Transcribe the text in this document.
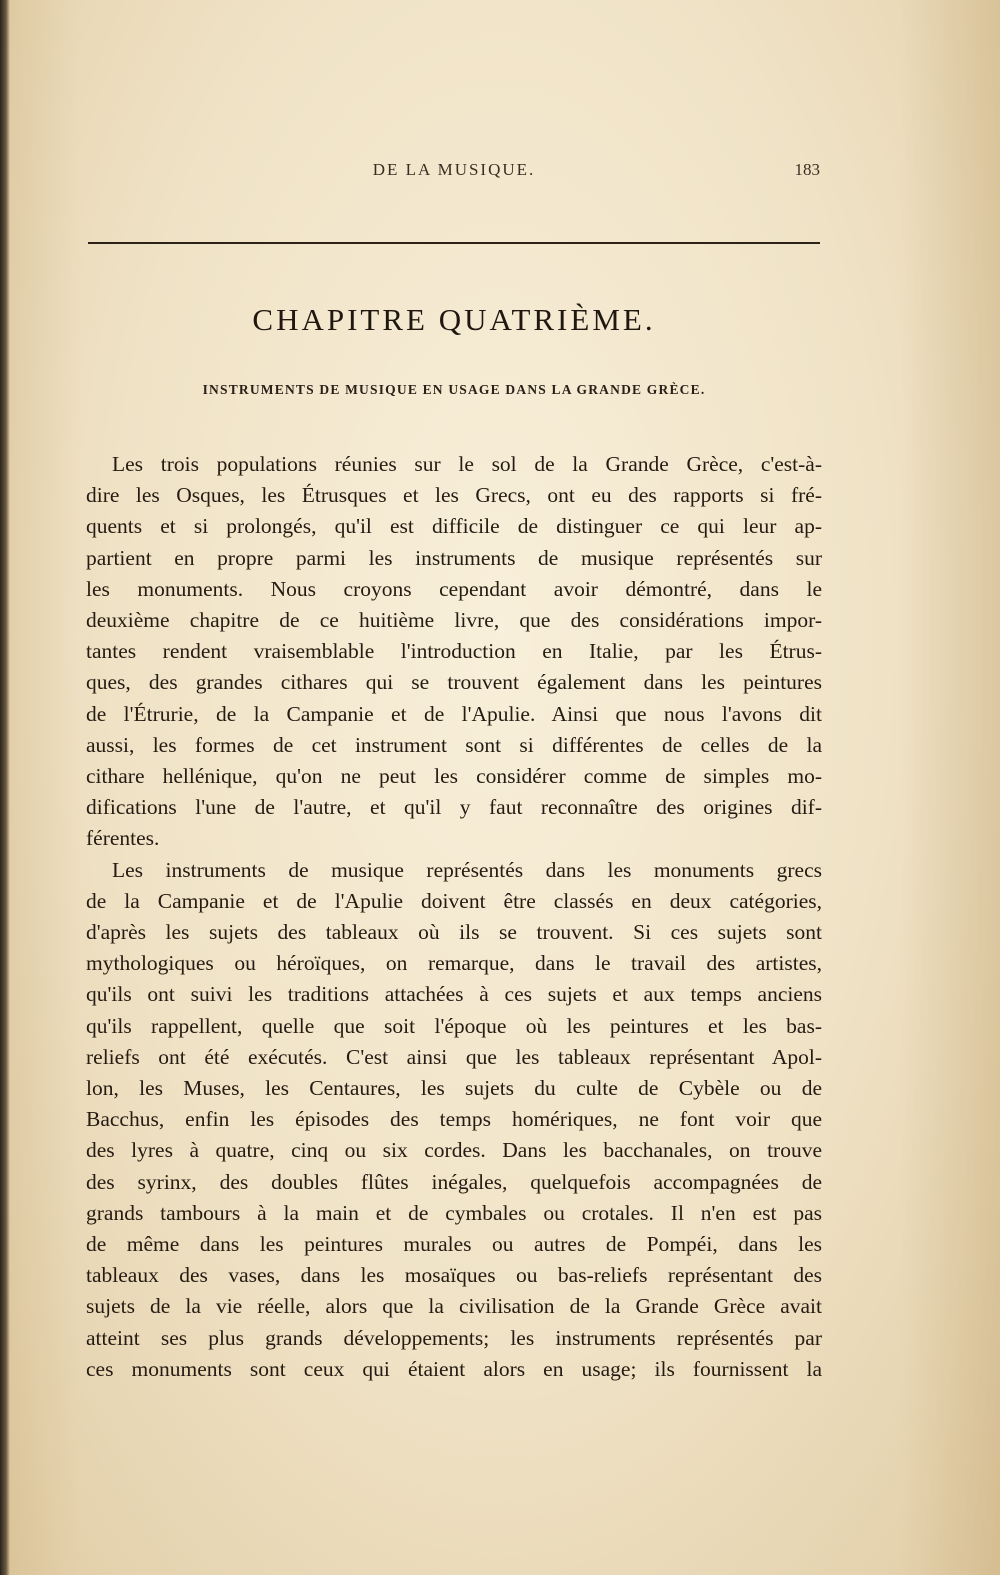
DE LA MUSIQUE.	183
CHAPITRE QUATRIÈME.
INSTRUMENTS DE MUSIQUE EN USAGE DANS LA GRANDE GRÈCE.
Les trois populations réunies sur le sol de la Grande Grèce, c'est-à-
dire les Osques, les Étrusques et les Grecs, ont eu des rapports si fré-
quents et si prolongés, qu'il est difficile de distinguer ce qui leur ap-
partient en propre parmi les instruments de musique représentés sur
les monuments. Nous croyons cependant avoir démontré, dans le
deuxième chapitre de ce huitième livre, que des considérations impor-
tantes rendent vraisemblable l'introduction en Italie, par les Étrus-
ques, des grandes cithares qui se trouvent également dans les peintures
de l'Étrurie, de la Campanie et de l'Apulie. Ainsi que nous l'avons dit
aussi, les formes de cet instrument sont si différentes de celles de la
cithare hellénique, qu'on ne peut les considérer comme de simples mo-
difications l'une de l'autre, et qu'il y faut reconnaître des origines dif-
férentes.
Les instruments de musique représentés dans les monuments grecs
de la Campanie et de l'Apulie doivent être classés en deux catégories,
d'après les sujets des tableaux où ils se trouvent. Si ces sujets sont
mythologiques ou héroïques, on remarque, dans le travail des artistes,
qu'ils ont suivi les traditions attachées à ces sujets et aux temps anciens
qu'ils rappellent, quelle que soit l'époque où les peintures et les bas-
reliefs ont été exécutés. C'est ainsi que les tableaux représentant Apol-
lon, les Muses, les Centaures, les sujets du culte de Cybèle ou de
Bacchus, enfin les épisodes des temps homériques, ne font voir que
des lyres à quatre, cinq ou six cordes. Dans les bacchanales, on trouve
des syrinx, des doubles flûtes inégales, quelquefois accompagnées de
grands tambours à la main et de cymbales ou crotales. Il n'en est pas
de même dans les peintures murales ou autres de Pompéi, dans les
tableaux des vases, dans les mosaïques ou bas-reliefs représentant des
sujets de la vie réelle, alors que la civilisation de la Grande Grèce avait
atteint ses plus grands développements; les instruments représentés par
ces monuments sont ceux qui étaient alors en usage; ils fournissent la
